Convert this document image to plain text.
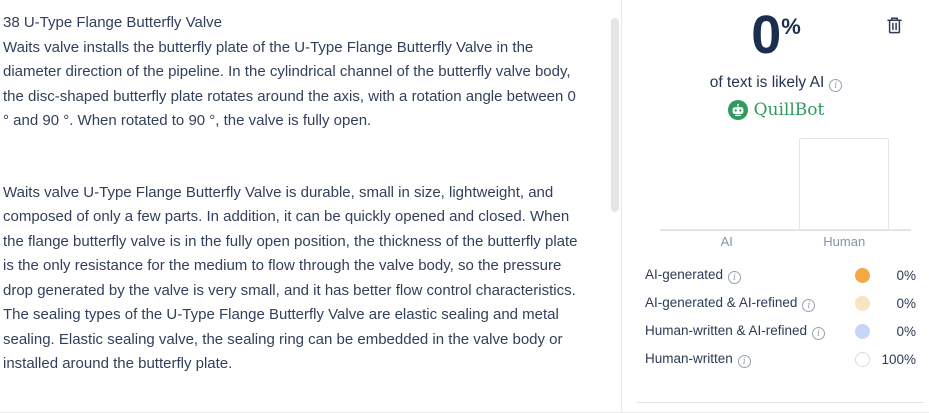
38 U-Type Flange Butterfly Valve

Waits valve installs the butterfly plate of the U-Type Flange Butterfly Valve in the diameter direction of the pipeline. In the cylindrical channel of the butterfly valve body, the disc-shaped butterfly plate rotates around the axis, with a rotation angle between 0 ° and 90 °. When rotated to 90 °, the valve is fully open.

Waits valve U-Type Flange Butterfly Valve is durable, small in size, lightweight, and composed of only a few parts. In addition, it can be quickly opened and closed. When the flange butterfly valve is in the fully open position, the thickness of the butterfly plate is the only resistance for the medium to flow through the valve body, so the pressure drop generated by the valve is very small, and it has better flow control characteristics. The sealing types of the U-Type Flange Butterfly Valve are elastic sealing and metal sealing. Elastic sealing valve, the sealing ring can be embedded in the valve body or installed around the butterfly plate.

0%
of text is likely AI i
QuillBot
AI	Human
AI-generated i	0%
AI-generated & AI-refined i	0%
Human-written & AI-refined i	0%
Human-written i	100%
